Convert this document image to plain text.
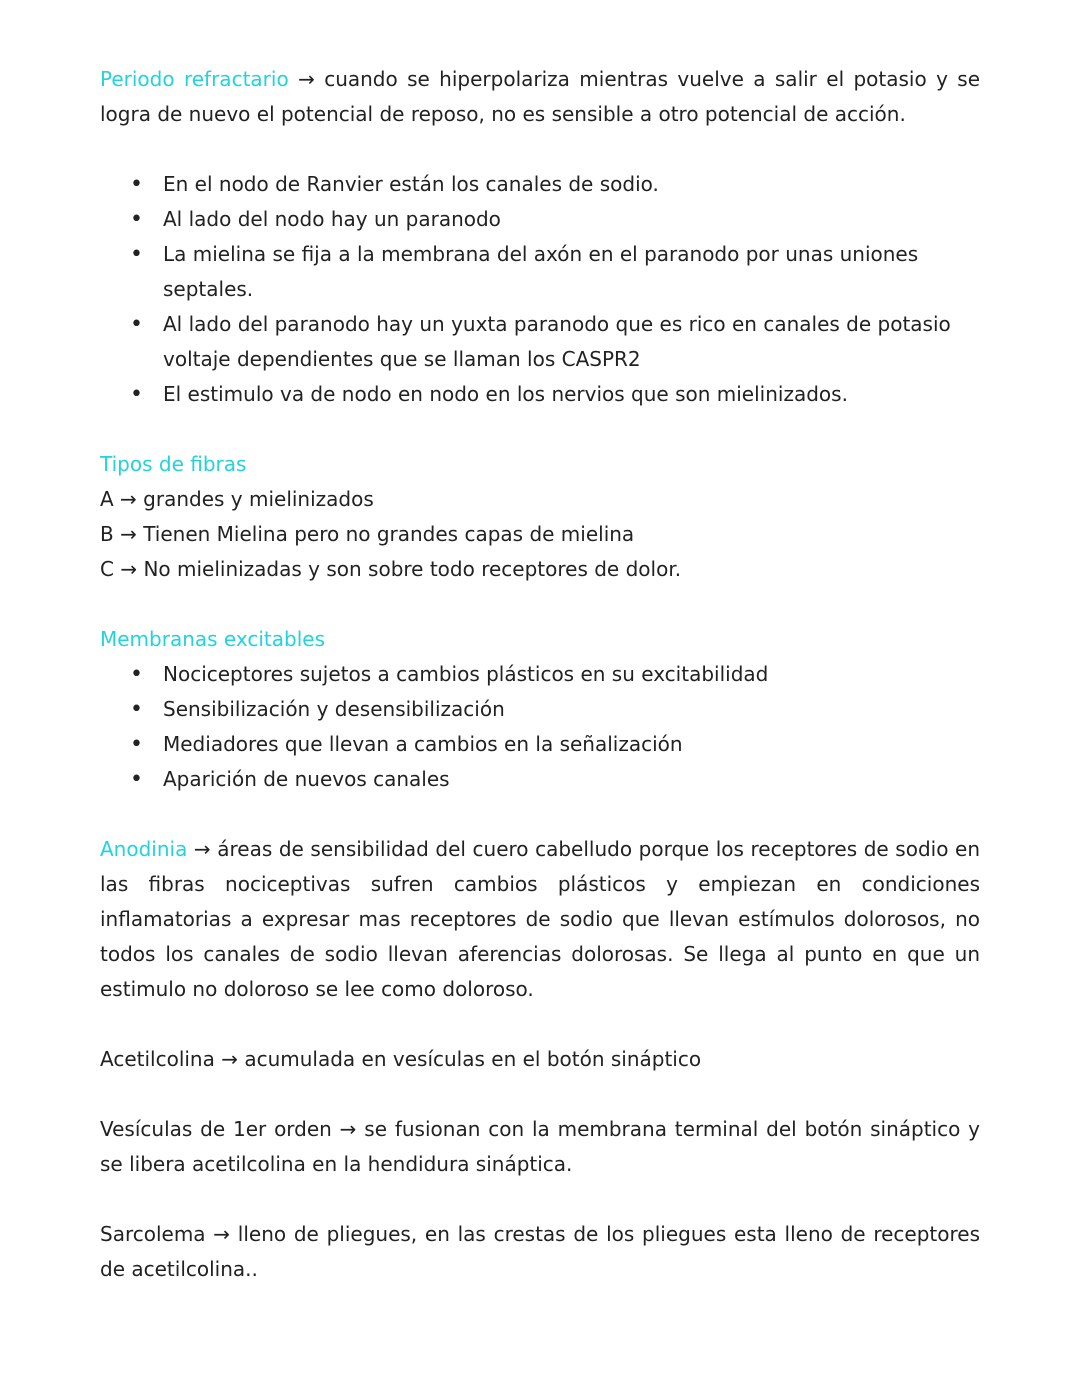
Periodo refractario → cuando se hiperpolariza mientras vuelve a salir el potasio y se logra de nuevo el potencial de reposo, no es sensible a otro potencial de acción.

• En el nodo de Ranvier están los canales de sodio.
• Al lado del nodo hay un paranodo
• La mielina se fija a la membrana del axón en el paranodo por unas uniones septales.
• Al lado del paranodo hay un yuxta paranodo que es rico en canales de potasio voltaje dependientes que se llaman los CASPR2
• El estimulo va de nodo en nodo en los nervios que son mielinizados.
Tipos de fibras
A → grandes y mielinizados
B → Tienen Mielina pero no grandes capas de mielina
C → No mielinizadas y son sobre todo receptores de dolor.
Membranas excitables
• Nociceptores sujetos a cambios plásticos en su excitabilidad
• Sensibilización y desensibilización
• Mediadores que llevan a cambios en la señalización
• Aparición de nuevos canales

Anodinia → áreas de sensibilidad del cuero cabelludo porque los receptores de sodio en las fibras nociceptivas sufren cambios plásticos y empiezan en condiciones inflamatorias a expresar mas receptores de sodio que llevan estímulos dolorosos, no todos los canales de sodio llevan aferencias dolorosas. Se llega al punto en que un estimulo no doloroso se lee como doloroso.

Acetilcolina → acumulada en vesículas en el botón sináptico

Vesículas de 1er orden → se fusionan con la membrana terminal del botón sináptico y se libera acetilcolina en la hendidura sináptica.

Sarcolema → lleno de pliegues, en las crestas de los pliegues esta lleno de receptores de acetilcolina..
